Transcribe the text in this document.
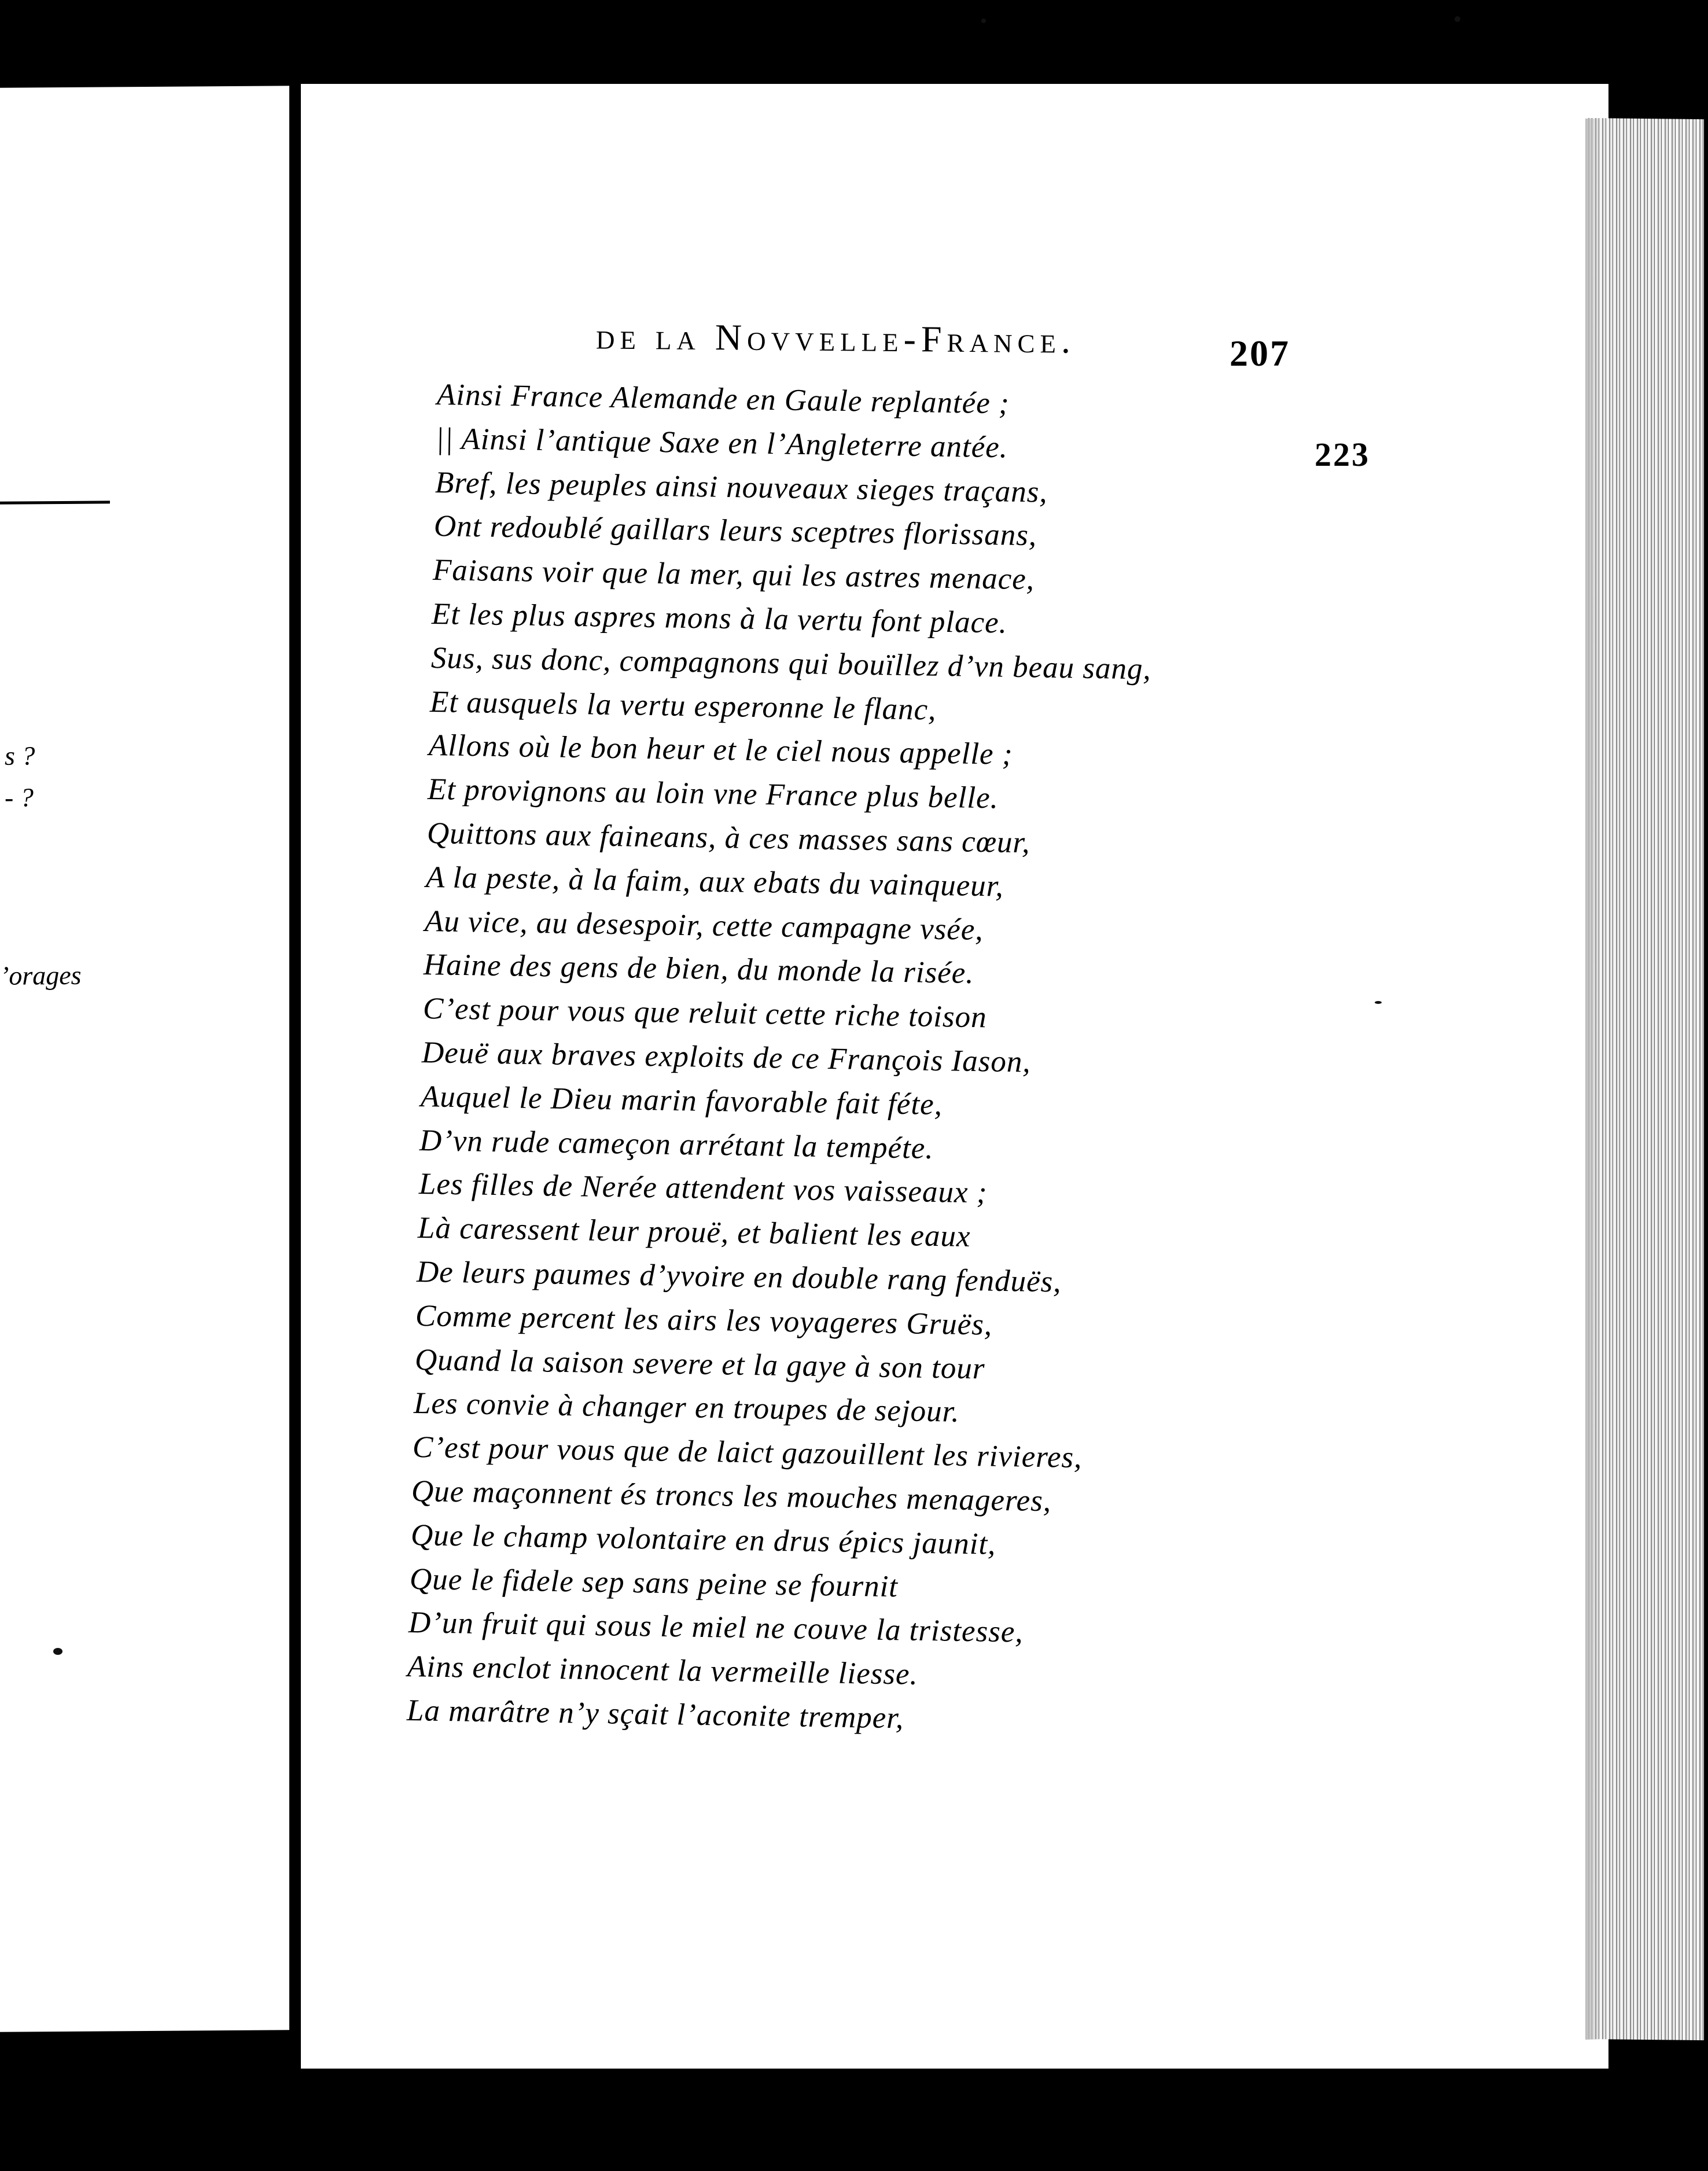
s ?
- ?
’orages
de la Novvelle-France.	207
223
Ainsi France Alemande en Gaule replantée ;
|| Ainsi l’antique Saxe en l’Angleterre antée.
Bref, les peuples ainsi nouveaux sieges traçans,
Ont redoublé gaillars leurs sceptres florissans,
Faisans voir que la mer, qui les astres menace,
Et les plus aspres mons à la vertu font place.
Sus, sus donc, compagnons qui bouïllez d’vn beau sang,
Et ausquels la vertu esperonne le flanc,
Allons où le bon heur et le ciel nous appelle ;
Et provignons au loin vne France plus belle.
Quittons aux faineans, à ces masses sans cœur,
A la peste, à la faim, aux ebats du vainqueur,
Au vice, au desespoir, cette campagne vsée,
Haine des gens de bien, du monde la risée.
C’est pour vous que reluit cette riche toison
Deuë aux braves exploits de ce François Iason,
Auquel le Dieu marin favorable fait féte,
D’vn rude cameçon arrétant la tempéte.
Les filles de Nerée attendent vos vaisseaux ;
Là caressent leur prouë, et balient les eaux
De leurs paumes d’yvoire en double rang fenduës,
Comme percent les airs les voyageres Gruës,
Quand la saison severe et la gaye à son tour
Les convie à changer en troupes de sejour.
C’est pour vous que de laict gazouillent les rivieres,
Que maçonnent és troncs les mouches menageres,
Que le champ volontaire en drus épics jaunit,
Que le fidele sep sans peine se fournit
D’un fruit qui sous le miel ne couve la tristesse,
Ains enclot innocent la vermeille liesse.
La marâtre n’y sçait l’aconite tremper,
